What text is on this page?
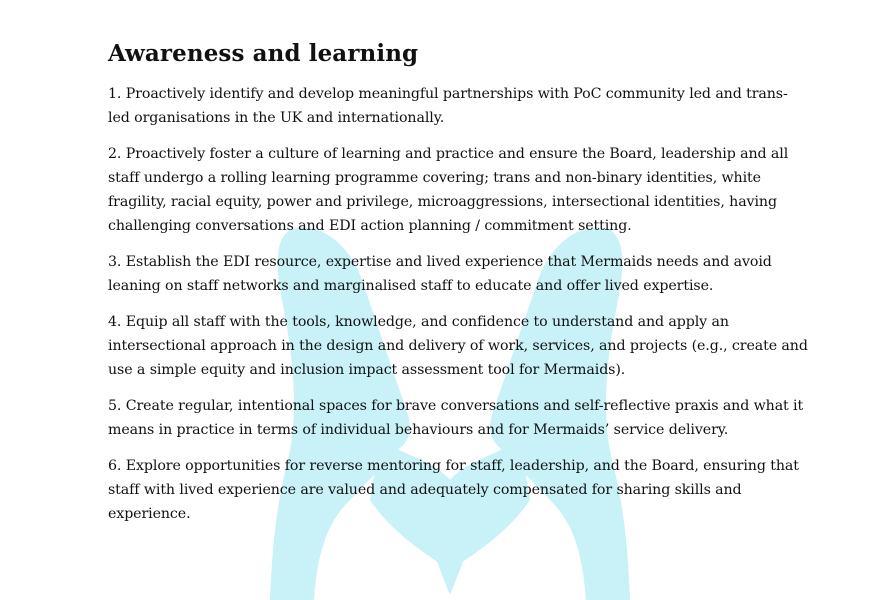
Awareness and learning

1. Proactively identify and develop meaningful partnerships with PoC community led and trans-led organisations in the UK and internationally.

2. Proactively foster a culture of learning and practice and ensure the Board, leadership and all staff undergo a rolling learning programme covering; trans and non-binary identities, white fragility, racial equity, power and privilege, microaggressions, intersectional identities, having challenging conversations and EDI action planning / commitment setting.

3. Establish the EDI resource, expertise and lived experience that Mermaids needs and avoid leaning on staff networks and marginalised staff to educate and offer lived expertise.

4. Equip all staff with the tools, knowledge, and confidence to understand and apply an intersectional approach in the design and delivery of work, services, and projects (e.g., create and use a simple equity and inclusion impact assessment tool for Mermaids).

5. Create regular, intentional spaces for brave conversations and self-reflective praxis and what it means in practice in terms of individual behaviours and for Mermaids’ service delivery.

6. Explore opportunities for reverse mentoring for staff, leadership, and the Board, ensuring that staff with lived experience are valued and adequately compensated for sharing skills and experience.
